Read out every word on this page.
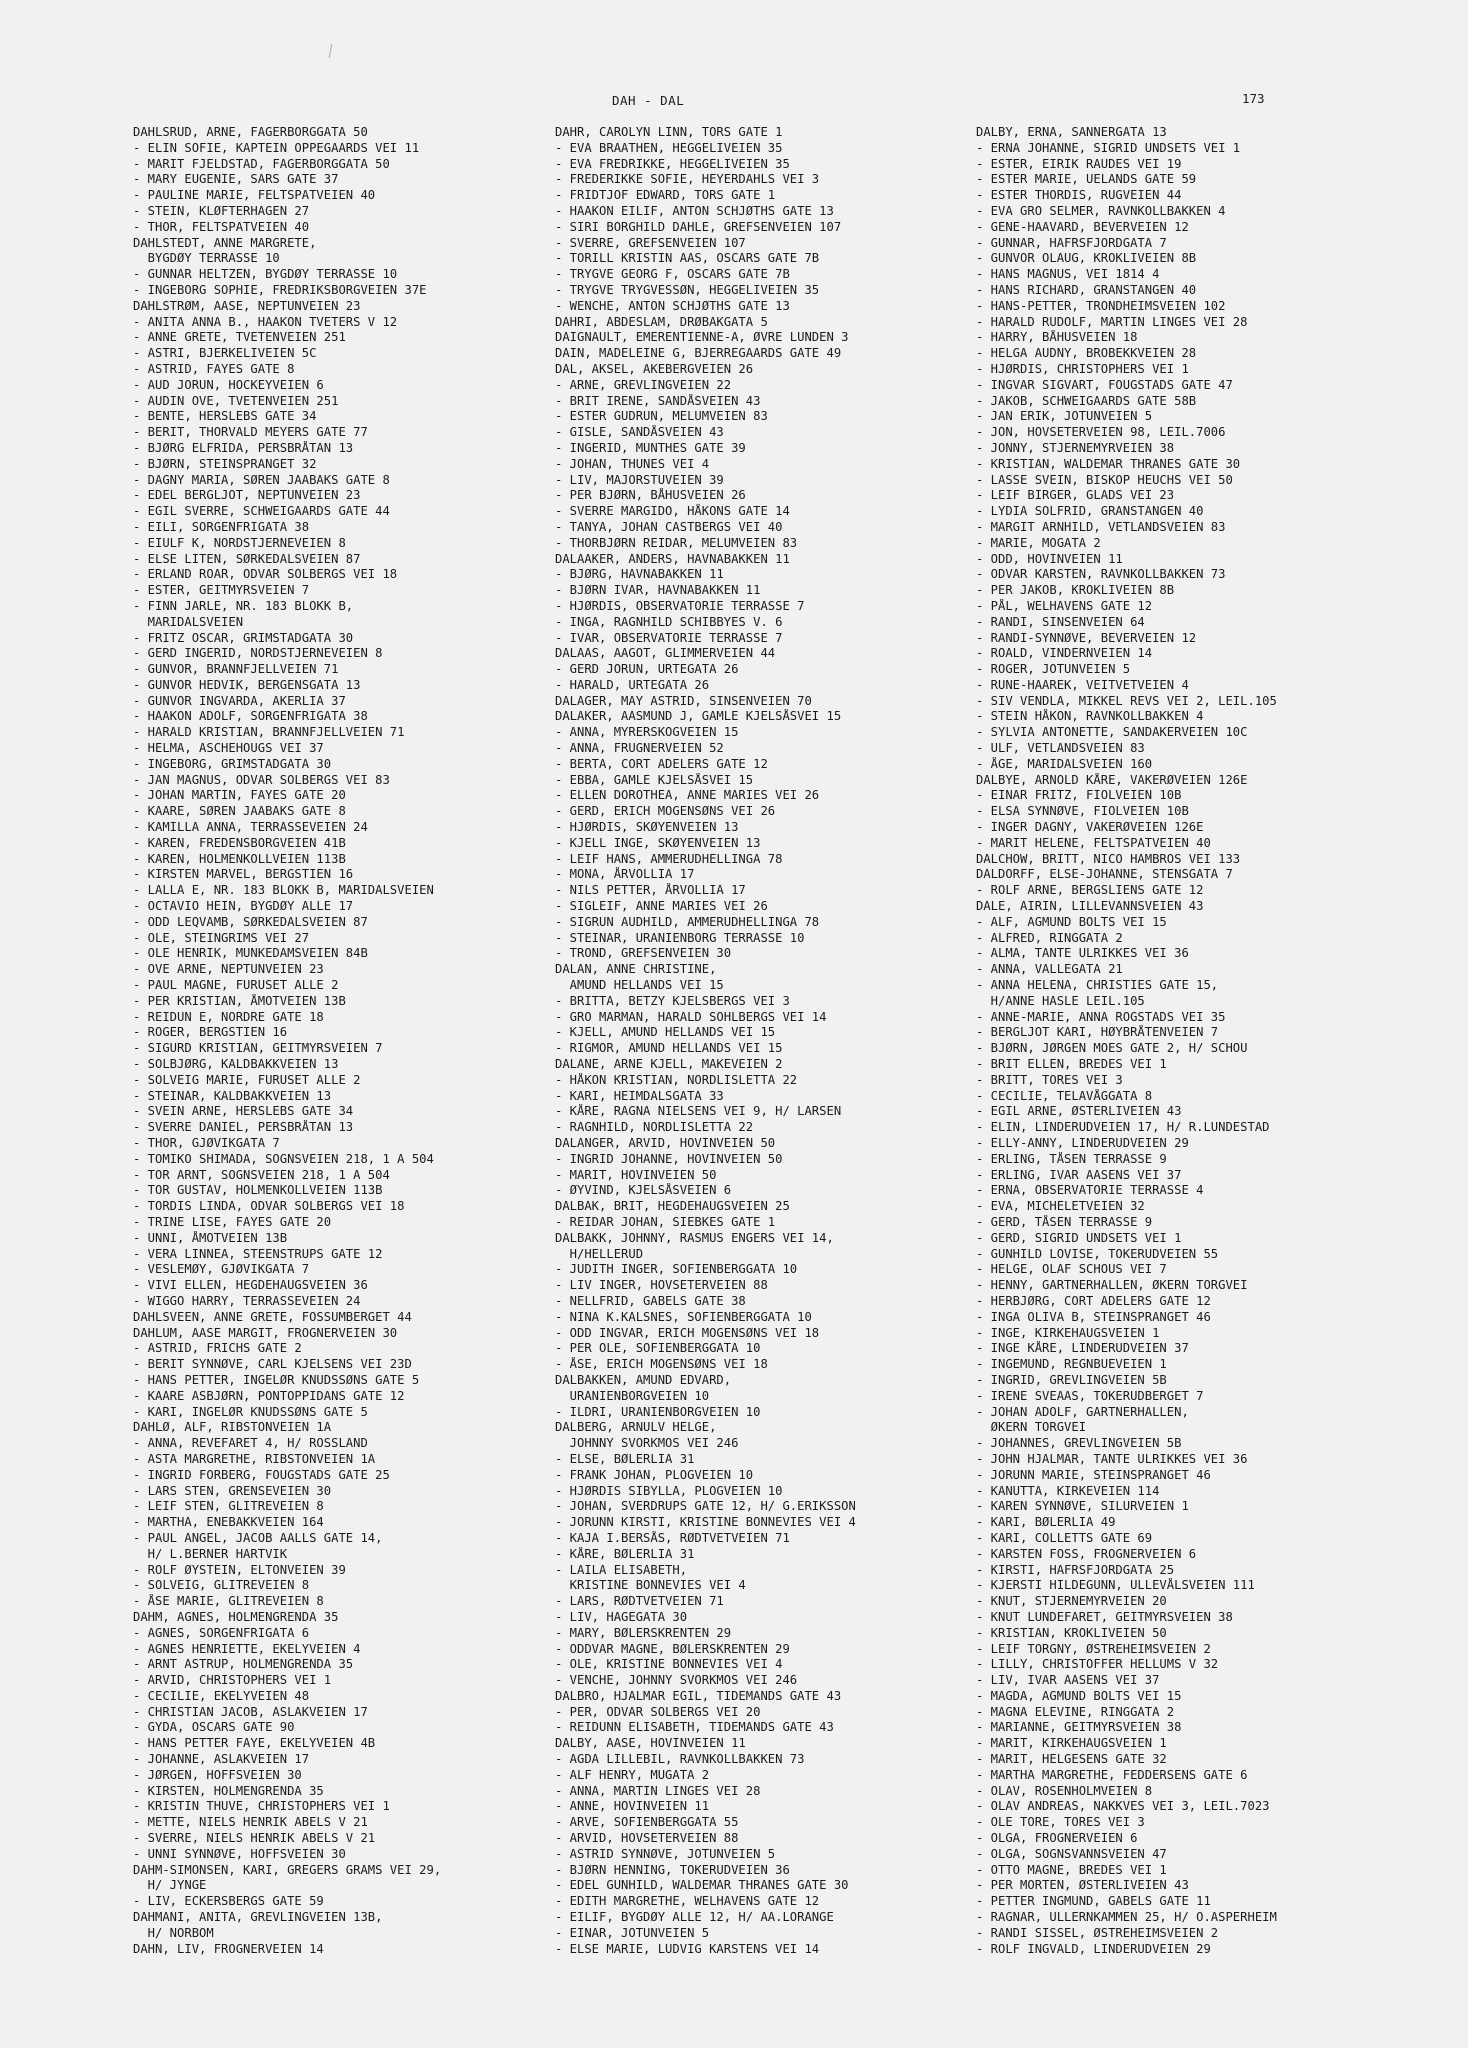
DAH - DAL	173
DAHLSRUD, ARNE, FAGERBORGGATA 50
- ELIN SOFIE, KAPTEIN OPPEGAARDS VEI 11
- MARIT FJELDSTAD, FAGERBORGGATA 50
- MARY EUGENIE, SARS GATE 37
- PAULINE MARIE, FELTSPATVEIEN 40
- STEIN, KLØFTERHAGEN 27
- THOR, FELTSPATVEIEN 40
DAHLSTEDT, ANNE MARGRETE,
BYGDØY TERRASSE 10
- GUNNAR HELTZEN, BYGDØY TERRASSE 10
- INGEBORG SOPHIE, FREDRIKSBORGVEIEN 37E
DAHLSTRØM, AASE, NEPTUNVEIEN 23
- ANITA ANNA B., HAAKON TVETERS V 12
- ANNE GRETE, TVETENVEIEN 251
- ASTRI, BJERKELIVEIEN 5C
- ASTRID, FAYES GATE 8
- AUD JORUN, HOCKEYVEIEN 6
- AUDIN OVE, TVETENVEIEN 251
- BENTE, HERSLEBS GATE 34
- BERIT, THORVALD MEYERS GATE 77
- BJØRG ELFRIDA, PERSBRÅTAN 13
- BJØRN, STEINSPRANGET 32
- DAGNY MARIA, SØREN JAABAKS GATE 8
- EDEL BERGLJOT, NEPTUNVEIEN 23
- EGIL SVERRE, SCHWEIGAARDS GATE 44
- EILI, SORGENFRIGATA 38
- EIULF K, NORDSTJERNEVEIEN 8
- ELSE LITEN, SØRKEDALSVEIEN 87
- ERLAND ROAR, ODVAR SOLBERGS VEI 18
- ESTER, GEITMYRSVEIEN 7
- FINN JARLE, NR. 183 BLOKK B,
MARIDALSVEIEN
- FRITZ OSCAR, GRIMSTADGATA 30
- GERD INGERID, NORDSTJERNEVEIEN 8
- GUNVOR, BRANNFJELLVEIEN 71
- GUNVOR HEDVIK, BERGENSGATA 13
- GUNVOR INGVARDA, AKERLIA 37
- HAAKON ADOLF, SORGENFRIGATA 38
- HARALD KRISTIAN, BRANNFJELLVEIEN 71
- HELMA, ASCHEHOUGS VEI 37
- INGEBORG, GRIMSTADGATA 30
- JAN MAGNUS, ODVAR SOLBERGS VEI 83
- JOHAN MARTIN, FAYES GATE 20
- KAARE, SØREN JAABAKS GATE 8
- KAMILLA ANNA, TERRASSEVEIEN 24
- KAREN, FREDENSBORGVEIEN 41B
- KAREN, HOLMENKOLLVEIEN 113B
- KIRSTEN MARVEL, BERGSTIEN 16
- LALLA E, NR. 183 BLOKK B, MARIDALSVEIEN
- OCTAVIO HEIN, BYGDØY ALLE 17
- ODD LEQVAMB, SØRKEDALSVEIEN 87
- OLE, STEINGRIMS VEI 27
- OLE HENRIK, MUNKEDAMSVEIEN 84B
- OVE ARNE, NEPTUNVEIEN 23
- PAUL MAGNE, FURUSET ALLE 2
- PER KRISTIAN, ÅMOTVEIEN 13B
- REIDUN E, NORDRE GATE 18
- ROGER, BERGSTIEN 16
- SIGURD KRISTIAN, GEITMYRSVEIEN 7
- SOLBJØRG, KALDBAKKVEIEN 13
- SOLVEIG MARIE, FURUSET ALLE 2
- STEINAR, KALDBAKKVEIEN 13
- SVEIN ARNE, HERSLEBS GATE 34
- SVERRE DANIEL, PERSBRÅTAN 13
- THOR, GJØVIKGATA 7
- TOMIKO SHIMADA, SOGNSVEIEN 218, 1 A 504
- TOR ARNT, SOGNSVEIEN 218, 1 A 504
- TOR GUSTAV, HOLMENKOLLVEIEN 113B
- TORDIS LINDA, ODVAR SOLBERGS VEI 18
- TRINE LISE, FAYES GATE 20
- UNNI, ÅMOTVEIEN 13B
- VERA LINNEA, STEENSTRUPS GATE 12
- VESLEMØY, GJØVIKGATA 7
- VIVI ELLEN, HEGDEHAUGSVEIEN 36
- WIGGO HARRY, TERRASSEVEIEN 24
DAHLSVEEN, ANNE GRETE, FOSSUMBERGET 44
DAHLUM, AASE MARGIT, FROGNERVEIEN 30
- ASTRID, FRICHS GATE 2
- BERIT SYNNØVE, CARL KJELSENS VEI 23D
- HANS PETTER, INGELØR KNUDSSØNS GATE 5
- KAARE ASBJØRN, PONTOPPIDANS GATE 12
- KARI, INGELØR KNUDSSØNS GATE 5
DAHLØ, ALF, RIBSTONVEIEN 1A
- ANNA, REVEFARET 4, H/ ROSSLAND
- ASTA MARGRETHE, RIBSTONVEIEN 1A
- INGRID FORBERG, FOUGSTADS GATE 25
- LARS STEN, GRENSEVEIEN 30
- LEIF STEN, GLITREVEIEN 8
- MARTHA, ENEBAKKVEIEN 164
- PAUL ANGEL, JACOB AALLS GATE 14,
H/ L.BERNER HARTVIK
- ROLF ØYSTEIN, ELTONVEIEN 39
- SOLVEIG, GLITREVEIEN 8
- ÅSE MARIE, GLITREVEIEN 8
DAHM, AGNES, HOLMENGRENDA 35
- AGNES, SORGENFRIGATA 6
- AGNES HENRIETTE, EKELYVEIEN 4
- ARNT ASTRUP, HOLMENGRENDA 35
- ARVID, CHRISTOPHERS VEI 1
- CECILIE, EKELYVEIEN 48
- CHRISTIAN JACOB, ASLAKVEIEN 17
- GYDA, OSCARS GATE 90
- HANS PETTER FAYE, EKELYVEIEN 4B
- JOHANNE, ASLAKVEIEN 17
- JØRGEN, HOFFSVEIEN 30
- KIRSTEN, HOLMENGRENDA 35
- KRISTIN THUVE, CHRISTOPHERS VEI 1
- METTE, NIELS HENRIK ABELS V 21
- SVERRE, NIELS HENRIK ABELS V 21
- UNNI SYNNØVE, HOFFSVEIEN 30
DAHM-SIMONSEN, KARI, GREGERS GRAMS VEI 29,
H/ JYNGE
- LIV, ECKERSBERGS GATE 59
DAHMANI, ANITA, GREVLINGVEIEN 13B,
H/ NORBOM
DAHN, LIV, FROGNERVEIEN 14
DAHR, CAROLYN LINN, TORS GATE 1
- EVA BRAATHEN, HEGGELIVEIEN 35
- EVA FREDRIKKE, HEGGELIVEIEN 35
- FREDERIKKE SOFIE, HEYERDAHLS VEI 3
- FRIDTJOF EDWARD, TORS GATE 1
- HAAKON EILIF, ANTON SCHJØTHS GATE 13
- SIRI BORGHILD DAHLE, GREFSENVEIEN 107
- SVERRE, GREFSENVEIEN 107
- TORILL KRISTIN AAS, OSCARS GATE 7B
- TRYGVE GEORG F, OSCARS GATE 7B
- TRYGVE TRYGVESSØN, HEGGELIVEIEN 35
- WENCHE, ANTON SCHJØTHS GATE 13
DAHRI, ABDESLAM, DRØBAKGATA 5
DAIGNAULT, EMERENTIENNE-A, ØVRE LUNDEN 3
DAIN, MADELEINE G, BJERREGAARDS GATE 49
DAL, AKSEL, AKEBERGVEIEN 26
- ARNE, GREVLINGVEIEN 22
- BRIT IRENE, SANDÅSVEIEN 43
- ESTER GUDRUN, MELUMVEIEN 83
- GISLE, SANDÅSVEIEN 43
- INGERID, MUNTHES GATE 39
- JOHAN, THUNES VEI 4
- LIV, MAJORSTUVEIEN 39
- PER BJØRN, BÅHUSVEIEN 26
- SVERRE MARGIDO, HÅKONS GATE 14
- TANYA, JOHAN CASTBERGS VEI 40
- THORBJØRN REIDAR, MELUMVEIEN 83
DALAAKER, ANDERS, HAVNABAKKEN 11
- BJØRG, HAVNABAKKEN 11
- BJØRN IVAR, HAVNABAKKEN 11
- HJØRDIS, OBSERVATORIE TERRASSE 7
- INGA, RAGNHILD SCHIBBYES V. 6
- IVAR, OBSERVATORIE TERRASSE 7
DALAAS, AAGOT, GLIMMERVEIEN 44
- GERD JORUN, URTEGATA 26
- HARALD, URTEGATA 26
DALAGER, MAY ASTRID, SINSENVEIEN 70
DALAKER, AASMUND J, GAMLE KJELSÅSVEI 15
- ANNA, MYRERSKOGVEIEN 15
- ANNA, FRUGNERVEIEN 52
- BERTA, CORT ADELERS GATE 12
- EBBA, GAMLE KJELSÅSVEI 15
- ELLEN DOROTHEA, ANNE MARIES VEI 26
- GERD, ERICH MOGENSØNS VEI 26
- HJØRDIS, SKØYENVEIEN 13
- KJELL INGE, SKØYENVEIEN 13
- LEIF HANS, AMMERUDHELLINGA 78
- MONA, ÅRVOLLIA 17
- NILS PETTER, ÅRVOLLIA 17
- SIGLEIF, ANNE MARIES VEI 26
- SIGRUN AUDHILD, AMMERUDHELLINGA 78
- STEINAR, URANIENBORG TERRASSE 10
- TROND, GREFSENVEIEN 30
DALAN, ANNE CHRISTINE,
AMUND HELLANDS VEI 15
- BRITTA, BETZY KJELSBERGS VEI 3
- GRO MARMAN, HARALD SOHLBERGS VEI 14
- KJELL, AMUND HELLANDS VEI 15
- RIGMOR, AMUND HELLANDS VEI 15
DALANE, ARNE KJELL, MAKEVEIEN 2
- HÅKON KRISTIAN, NORDLISLETTA 22
- KARI, HEIMDALSGATA 33
- KÅRE, RAGNA NIELSENS VEI 9, H/ LARSEN
- RAGNHILD, NORDLISLETTA 22
DALANGER, ARVID, HOVINVEIEN 50
- INGRID JOHANNE, HOVINVEIEN 50
- MARIT, HOVINVEIEN 50
- ØYVIND, KJELSÅSVEIEN 6
DALBAK, BRIT, HEGDEHAUGSVEIEN 25
- REIDAR JOHAN, SIEBKES GATE 1
DALBAKK, JOHNNY, RASMUS ENGERS VEI 14,
H/HELLERUD
- JUDITH INGER, SOFIENBERGGATA 10
- LIV INGER, HOVSETERVEIEN 88
- NELLFRID, GABELS GATE 38
- NINA K.KALSNES, SOFIENBERGGATA 10
- ODD INGVAR, ERICH MOGENSØNS VEI 18
- PER OLE, SOFIENBERGGATA 10
- ÅSE, ERICH MOGENSØNS VEI 18
DALBAKKEN, AMUND EDVARD,
URANIENBORGVEIEN 10
- ILDRI, URANIENBORGVEIEN 10
DALBERG, ARNULV HELGE,
JOHNNY SVORKMOS VEI 246
- ELSE, BØLERLIA 31
- FRANK JOHAN, PLOGVEIEN 10
- HJØRDIS SIBYLLA, PLOGVEIEN 10
- JOHAN, SVERDRUPS GATE 12, H/ G.ERIKSSON
- JORUNN KIRSTI, KRISTINE BONNEVIES VEI 4
- KAJA I.BERSÅS, RØDTVETVEIEN 71
- KÅRE, BØLERLIA 31
- LAILA ELISABETH,
KRISTINE BONNEVIES VEI 4
- LARS, RØDTVETVEIEN 71
- LIV, HAGEGATA 30
- MARY, BØLERSKRENTEN 29
- ODDVAR MAGNE, BØLERSKRENTEN 29
- OLE, KRISTINE BONNEVIES VEI 4
- VENCHE, JOHNNY SVORKMOS VEI 246
DALBRO, HJALMAR EGIL, TIDEMANDS GATE 43
- PER, ODVAR SOLBERGS VEI 20
- REIDUNN ELISABETH, TIDEMANDS GATE 43
DALBY, AASE, HOVINVEIEN 11
- AGDA LILLEBIL, RAVNKOLLBAKKEN 73
- ALF HENRY, MUGATA 2
- ANNA, MARTIN LINGES VEI 28
- ANNE, HOVINVEIEN 11
- ARVE, SOFIENBERGGATA 55
- ARVID, HOVSETERVEIEN 88
- ASTRID SYNNØVE, JOTUNVEIEN 5
- BJØRN HENNING, TOKERUDVEIEN 36
- EDEL GUNHILD, WALDEMAR THRANES GATE 30
- EDITH MARGRETHE, WELHAVENS GATE 12
- EILIF, BYGDØY ALLE 12, H/ AA.LORANGE
- EINAR, JOTUNVEIEN 5
- ELSE MARIE, LUDVIG KARSTENS VEI 14
DALBY, ERNA, SANNERGATA 13
- ERNA JOHANNE, SIGRID UNDSETS VEI 1
- ESTER, EIRIK RAUDES VEI 19
- ESTER MARIE, UELANDS GATE 59
- ESTER THORDIS, RUGVEIEN 44
- EVA GRO SELMER, RAVNKOLLBAKKEN 4
- GENE-HAAVARD, BEVERVEIEN 12
- GUNNAR, HAFRSFJORDGATA 7
- GUNVOR OLAUG, KROKLIVEIEN 8B
- HANS MAGNUS, VEI 1814 4
- HANS RICHARD, GRANSTANGEN 40
- HANS-PETTER, TRONDHEIMSVEIEN 102
- HARALD RUDOLF, MARTIN LINGES VEI 28
- HARRY, BÅHUSVEIEN 18
- HELGA AUDNY, BROBEKKVEIEN 28
- HJØRDIS, CHRISTOPHERS VEI 1
- INGVAR SIGVART, FOUGSTADS GATE 47
- JAKOB, SCHWEIGAARDS GATE 58B
- JAN ERIK, JOTUNVEIEN 5
- JON, HOVSETERVEIEN 98, LEIL.7006
- JONNY, STJERNEMYRVEIEN 38
- KRISTIAN, WALDEMAR THRANES GATE 30
- LASSE SVEIN, BISKOP HEUCHS VEI 50
- LEIF BIRGER, GLADS VEI 23
- LYDIA SOLFRID, GRANSTANGEN 40
- MARGIT ARNHILD, VETLANDSVEIEN 83
- MARIE, MOGATA 2
- ODD, HOVINVEIEN 11
- ODVAR KARSTEN, RAVNKOLLBAKKEN 73
- PER JAKOB, KROKLIVEIEN 8B
- PÅL, WELHAVENS GATE 12
- RANDI, SINSENVEIEN 64
- RANDI-SYNNØVE, BEVERVEIEN 12
- ROALD, VINDERNVEIEN 14
- ROGER, JOTUNVEIEN 5
- RUNE-HAAREK, VEITVETVEIEN 4
- SIV VENDLA, MIKKEL REVS VEI 2, LEIL.105
- STEIN HÅKON, RAVNKOLLBAKKEN 4
- SYLVIA ANTONETTE, SANDAKERVEIEN 10C
- ULF, VETLANDSVEIEN 83
- ÅGE, MARIDALSVEIEN 160
DALBYE, ARNOLD KÅRE, VAKERØVEIEN 126E
- EINAR FRITZ, FIOLVEIEN 10B
- ELSA SYNNØVE, FIOLVEIEN 10B
- INGER DAGNY, VAKERØVEIEN 126E
- MARIT HELENE, FELTSPATVEIEN 40
DALCHOW, BRITT, NICO HAMBROS VEI 133
DALDORFF, ELSE-JOHANNE, STENSGATA 7
- ROLF ARNE, BERGSLIENS GATE 12
DALE, AIRIN, LILLEVANNSVEIEN 43
- ALF, AGMUND BOLTS VEI 15
- ALFRED, RINGGATA 2
- ALMA, TANTE ULRIKKES VEI 36
- ANNA, VALLEGATA 21
- ANNA HELENA, CHRISTIES GATE 15,
H/ANNE HASLE LEIL.105
- ANNE-MARIE, ANNA ROGSTADS VEI 35
- BERGLJOT KARI, HØYBRÅTENVEIEN 7
- BJØRN, JØRGEN MOES GATE 2, H/ SCHOU
- BRIT ELLEN, BREDES VEI 1
- BRITT, TORES VEI 3
- CECILIE, TELAVÅGGATA 8
- EGIL ARNE, ØSTERLIVEIEN 43
- ELIN, LINDERUDVEIEN 17, H/ R.LUNDESTAD
- ELLY-ANNY, LINDERUDVEIEN 29
- ERLING, TÅSEN TERRASSE 9
- ERLING, IVAR AASENS VEI 37
- ERNA, OBSERVATORIE TERRASSE 4
- EVA, MICHELETVEIEN 32
- GERD, TÅSEN TERRASSE 9
- GERD, SIGRID UNDSETS VEI 1
- GUNHILD LOVISE, TOKERUDVEIEN 55
- HELGE, OLAF SCHOUS VEI 7
- HENNY, GARTNERHALLEN, ØKERN TORGVEI
- HERBJØRG, CORT ADELERS GATE 12
- INGA OLIVA B, STEINSPRANGET 46
- INGE, KIRKEHAUGSVEIEN 1
- INGE KÅRE, LINDERUDVEIEN 37
- INGEMUND, REGNBUEVEIEN 1
- INGRID, GREVLINGVEIEN 5B
- IRENE SVEAAS, TOKERUDBERGET 7
- JOHAN ADOLF, GARTNERHALLEN,
ØKERN TORGVEI
- JOHANNES, GREVLINGVEIEN 5B
- JOHN HJALMAR, TANTE ULRIKKES VEI 36
- JORUNN MARIE, STEINSPRANGET 46
- KANUTTA, KIRKEVEIEN 114
- KAREN SYNNØVE, SILURVEIEN 1
- KARI, BØLERLIA 49
- KARI, COLLETTS GATE 69
- KARSTEN FOSS, FROGNERVEIEN 6
- KIRSTI, HAFRSFJORDGATA 25
- KJERSTI HILDEGUNN, ULLEVÅLSVEIEN 111
- KNUT, STJERNEMYRVEIEN 20
- KNUT LUNDEFARET, GEITMYRSVEIEN 38
- KRISTIAN, KROKLIVEIEN 50
- LEIF TORGNY, ØSTREHEIMSVEIEN 2
- LILLY, CHRISTOFFER HELLUMS V 32
- LIV, IVAR AASENS VEI 37
- MAGDA, AGMUND BOLTS VEI 15
- MAGNA ELEVINE, RINGGATA 2
- MARIANNE, GEITMYRSVEIEN 38
- MARIT, KIRKEHAUGSVEIEN 1
- MARIT, HELGESENS GATE 32
- MARTHA MARGRETHE, FEDDERSENS GATE 6
- OLAV, ROSENHOLMVEIEN 8
- OLAV ANDREAS, NAKKVES VEI 3, LEIL.7023
- OLE TORE, TORES VEI 3
- OLGA, FROGNERVEIEN 6
- OLGA, SOGNSVANNSVEIEN 47
- OTTO MAGNE, BREDES VEI 1
- PER MORTEN, ØSTERLIVEIEN 43
- PETTER INGMUND, GABELS GATE 11
- RAGNAR, ULLERNKAMMEN 25, H/ O.ASPERHEIM
- RANDI SISSEL, ØSTREHEIMSVEIEN 2
- ROLF INGVALD, LINDERUDVEIEN 29
